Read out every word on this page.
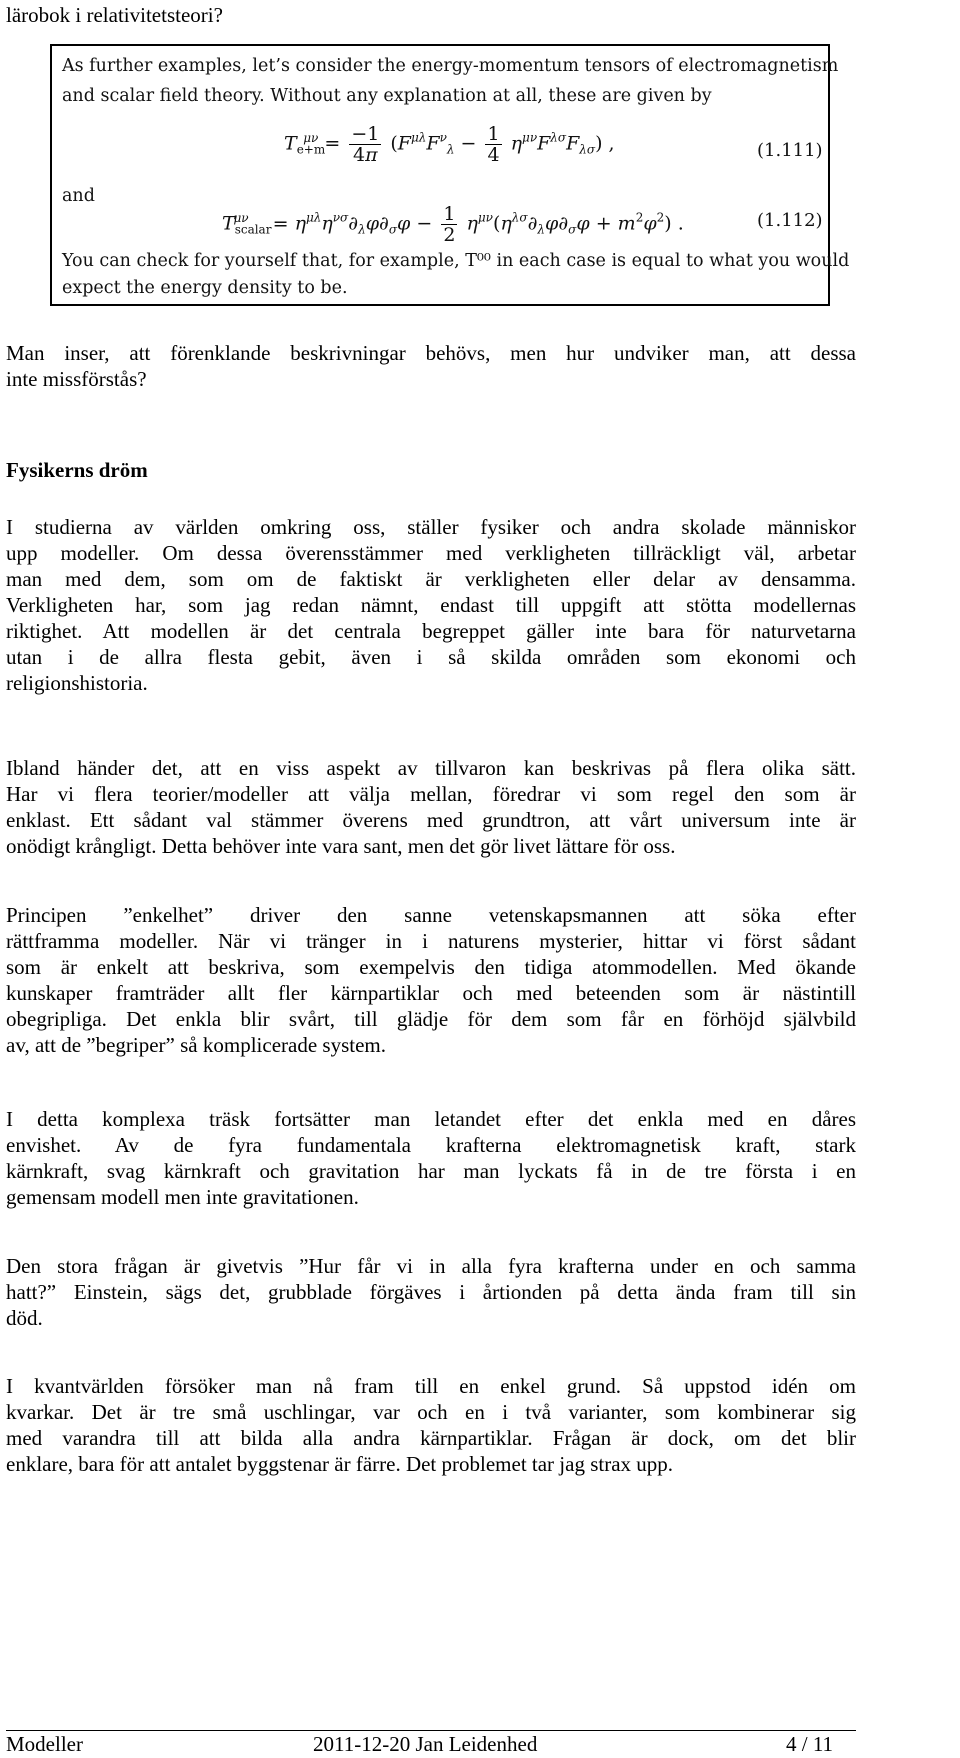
lärobok i relativitetsteori?
As further examples, let’s consider the energy-momentum tensors of electromagnetism
and scalar field theory. Without any explanation at all, these are given by
$T_{e+m}^{\mu\nu} = \frac{-1}{4\pi} (F^{\mu\lambda}F^\nu_\lambda - \frac{1}{4} \eta^{\mu\nu}F^{\lambda\sigma}F_{\lambda\sigma})$ ,	(1.111)
and
$T_{scalar}^{\mu\nu} = \eta^{\mu\lambda}\eta^{\nu\sigma}\partial_\lambda\varphi\partial_\sigma\varphi - \frac{1}{2} \eta^{\mu\nu}(\eta^{\lambda\sigma}\partial_\lambda\varphi\partial_\sigma\varphi + m^2\varphi^2)$ .	(1.112)
You can check for yourself that, for example, T⁰⁰ in each case is equal to what you would
expect the energy density to be.
Man inser, att förenklande beskrivningar behövs, men hur undviker man, att dessa
inte missförstås?
Fysikerns dröm
I studierna av världen omkring oss, ställer fysiker och andra skolade människor
upp modeller. Om dessa överensstämmer med verkligheten tillräckligt väl, arbetar
man med dem, som om de faktiskt är verkligheten eller delar av densamma.
Verkligheten har, som jag redan nämnt, endast till uppgift att stötta modellernas
riktighet. Att modellen är det centrala begreppet gäller inte bara för naturvetarna
utan i de allra flesta gebit, även i så skilda områden som ekonomi och
religionshistoria.
Ibland händer det, att en viss aspekt av tillvaron kan beskrivas på flera olika sätt.
Har vi flera teorier/modeller att välja mellan, föredrar vi som regel den som är
enklast. Ett sådant val stämmer överens med grundtron, att vårt universum inte är
onödigt krångligt. Detta behöver inte vara sant, men det gör livet lättare för oss.
Principen ”enkelhet” driver den sanne vetenskapsmannen att söka efter
rättframma modeller. När vi tränger in i naturens mysterier, hittar vi först sådant
som är enkelt att beskriva, som exempelvis den tidiga atommodellen. Med ökande
kunskaper framträder allt fler kärnpartiklar och med beteenden som är nästintill
obegripliga. Det enkla blir svårt, till glädje för dem som får en förhöjd självbild
av, att de ”begriper” så komplicerade system.
I detta komplexa träsk fortsätter man letandet efter det enkla med en dåres
envishet. Av de fyra fundamentala krafterna elektromagnetisk kraft, stark
kärnkraft, svag kärnkraft och gravitation har man lyckats få in de tre första i en
gemensam modell men inte gravitationen.
Den stora frågan är givetvis ”Hur får vi in alla fyra krafterna under en och samma
hatt?” Einstein, sägs det, grubblade förgäves i årtionden på detta ända fram till sin
död.
I kvantvärlden försöker man nå fram till en enkel grund. Så uppstod idén om
kvarkar. Det är tre små uschlingar, var och en i två varianter, som kombinerar sig
med varandra till att bilda alla andra kärnpartiklar. Frågan är dock, om det blir
enklare, bara för att antalet byggstenar är färre. Det problemet tar jag strax upp.
Modeller	2011-12-20 Jan Leidenhed	4 / 11
